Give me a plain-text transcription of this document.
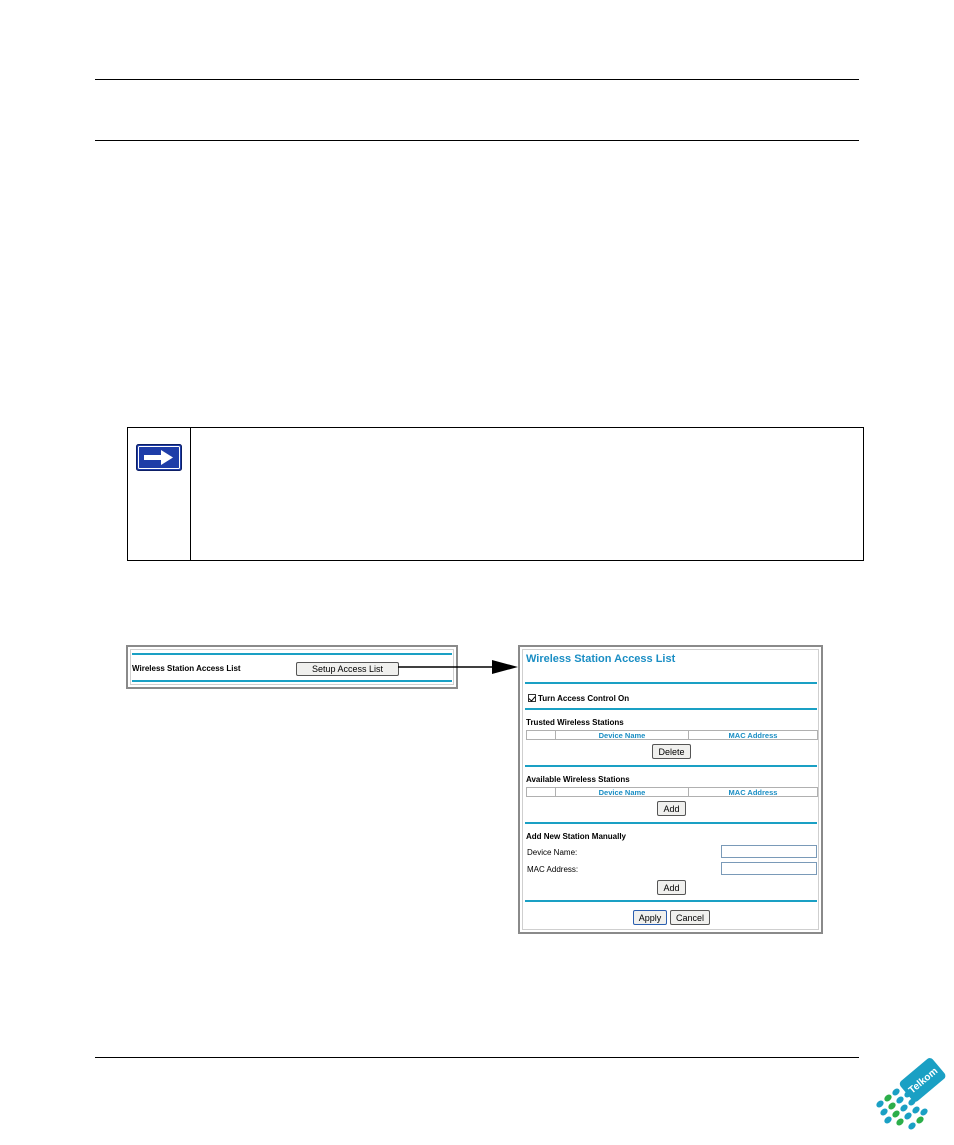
Wireless Station Access List	Setup Access List
Wireless Station Access List
Turn Access Control On
Trusted Wireless Stations
Device Name	MAC Address
Delete
Available Wireless Stations
Device Name	MAC Address
Add
Add New Station Manually
Device Name:
MAC Address:
Add
Apply	Cancel
Telkom
